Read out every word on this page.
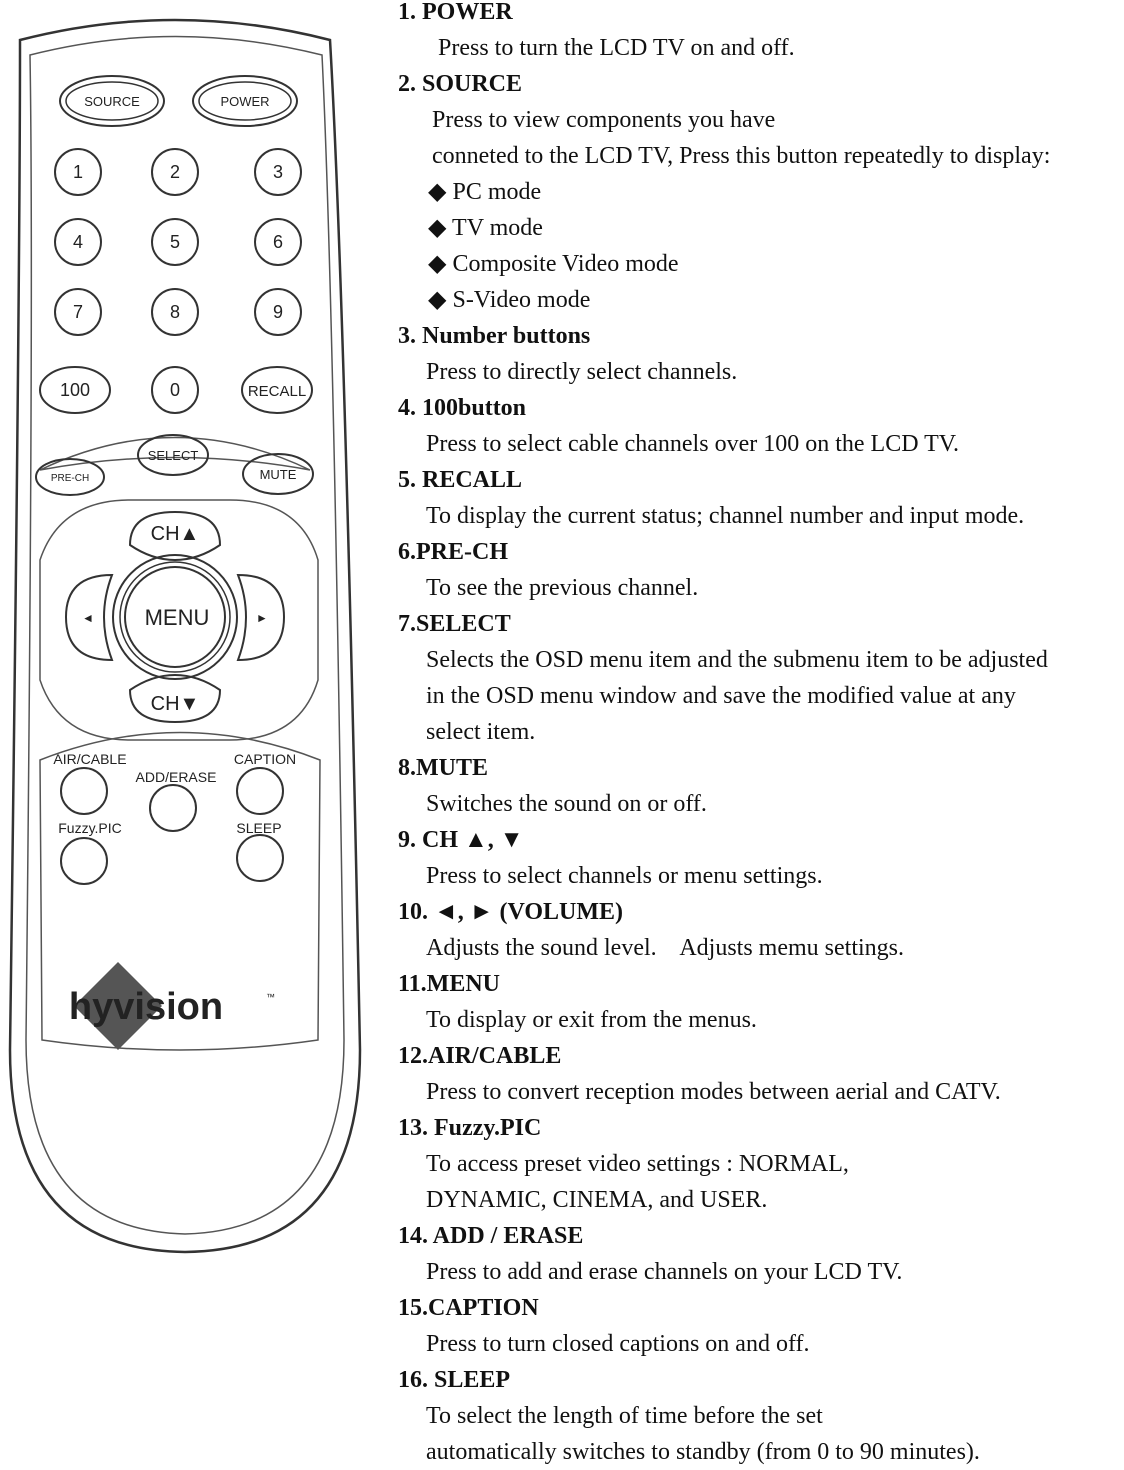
SOURCE	POWER
1	2	3
4	5	6
7	8	9
100	0	RECALL
PRE-CH
SELECT
MUTE
CH▲
CH▼
◄	►
MENU
AIR/CABLE
ADD/ERASE
CAPTION
Fuzzy.PIC	SLEEP
hyvision	™
1. POWER

Press to turn the LCD TV on and off.

2. SOURCE

Press to view components you have

conneted to the LCD TV, Press this button repeatedly to display:

◆ PC mode

◆ TV mode

◆ Composite Video mode

◆ S-Video mode

3. Number buttons

Press to directly select channels.

4. 100button

Press to select cable channels over 100 on the LCD TV.

5. RECALL

To display the current status; channel number and input mode.

6.PRE-CH

To see the previous channel.

7.SELECT

Selects the OSD menu item and the submenu item to be adjusted

in the OSD menu window and save the modified value at any

select item.

8.MUTE

Switches the sound on or off.

9. CH ▲, ▼

Press to select channels or menu settings.

10. ◄, ► (VOLUME)

Adjusts the sound level.    Adjusts memu settings.

11.MENU

To display or exit from the menus.

12.AIR/CABLE

Press to convert reception modes between aerial and CATV.

13. Fuzzy.PIC

To access preset video settings : NORMAL,

DYNAMIC, CINEMA, and USER.

14. ADD / ERASE

Press to add and erase channels on your LCD TV.

15.CAPTION

Press to turn closed captions on and off.

16. SLEEP

To select the length of time before the set

automatically switches to standby (from 0 to 90 minutes).
